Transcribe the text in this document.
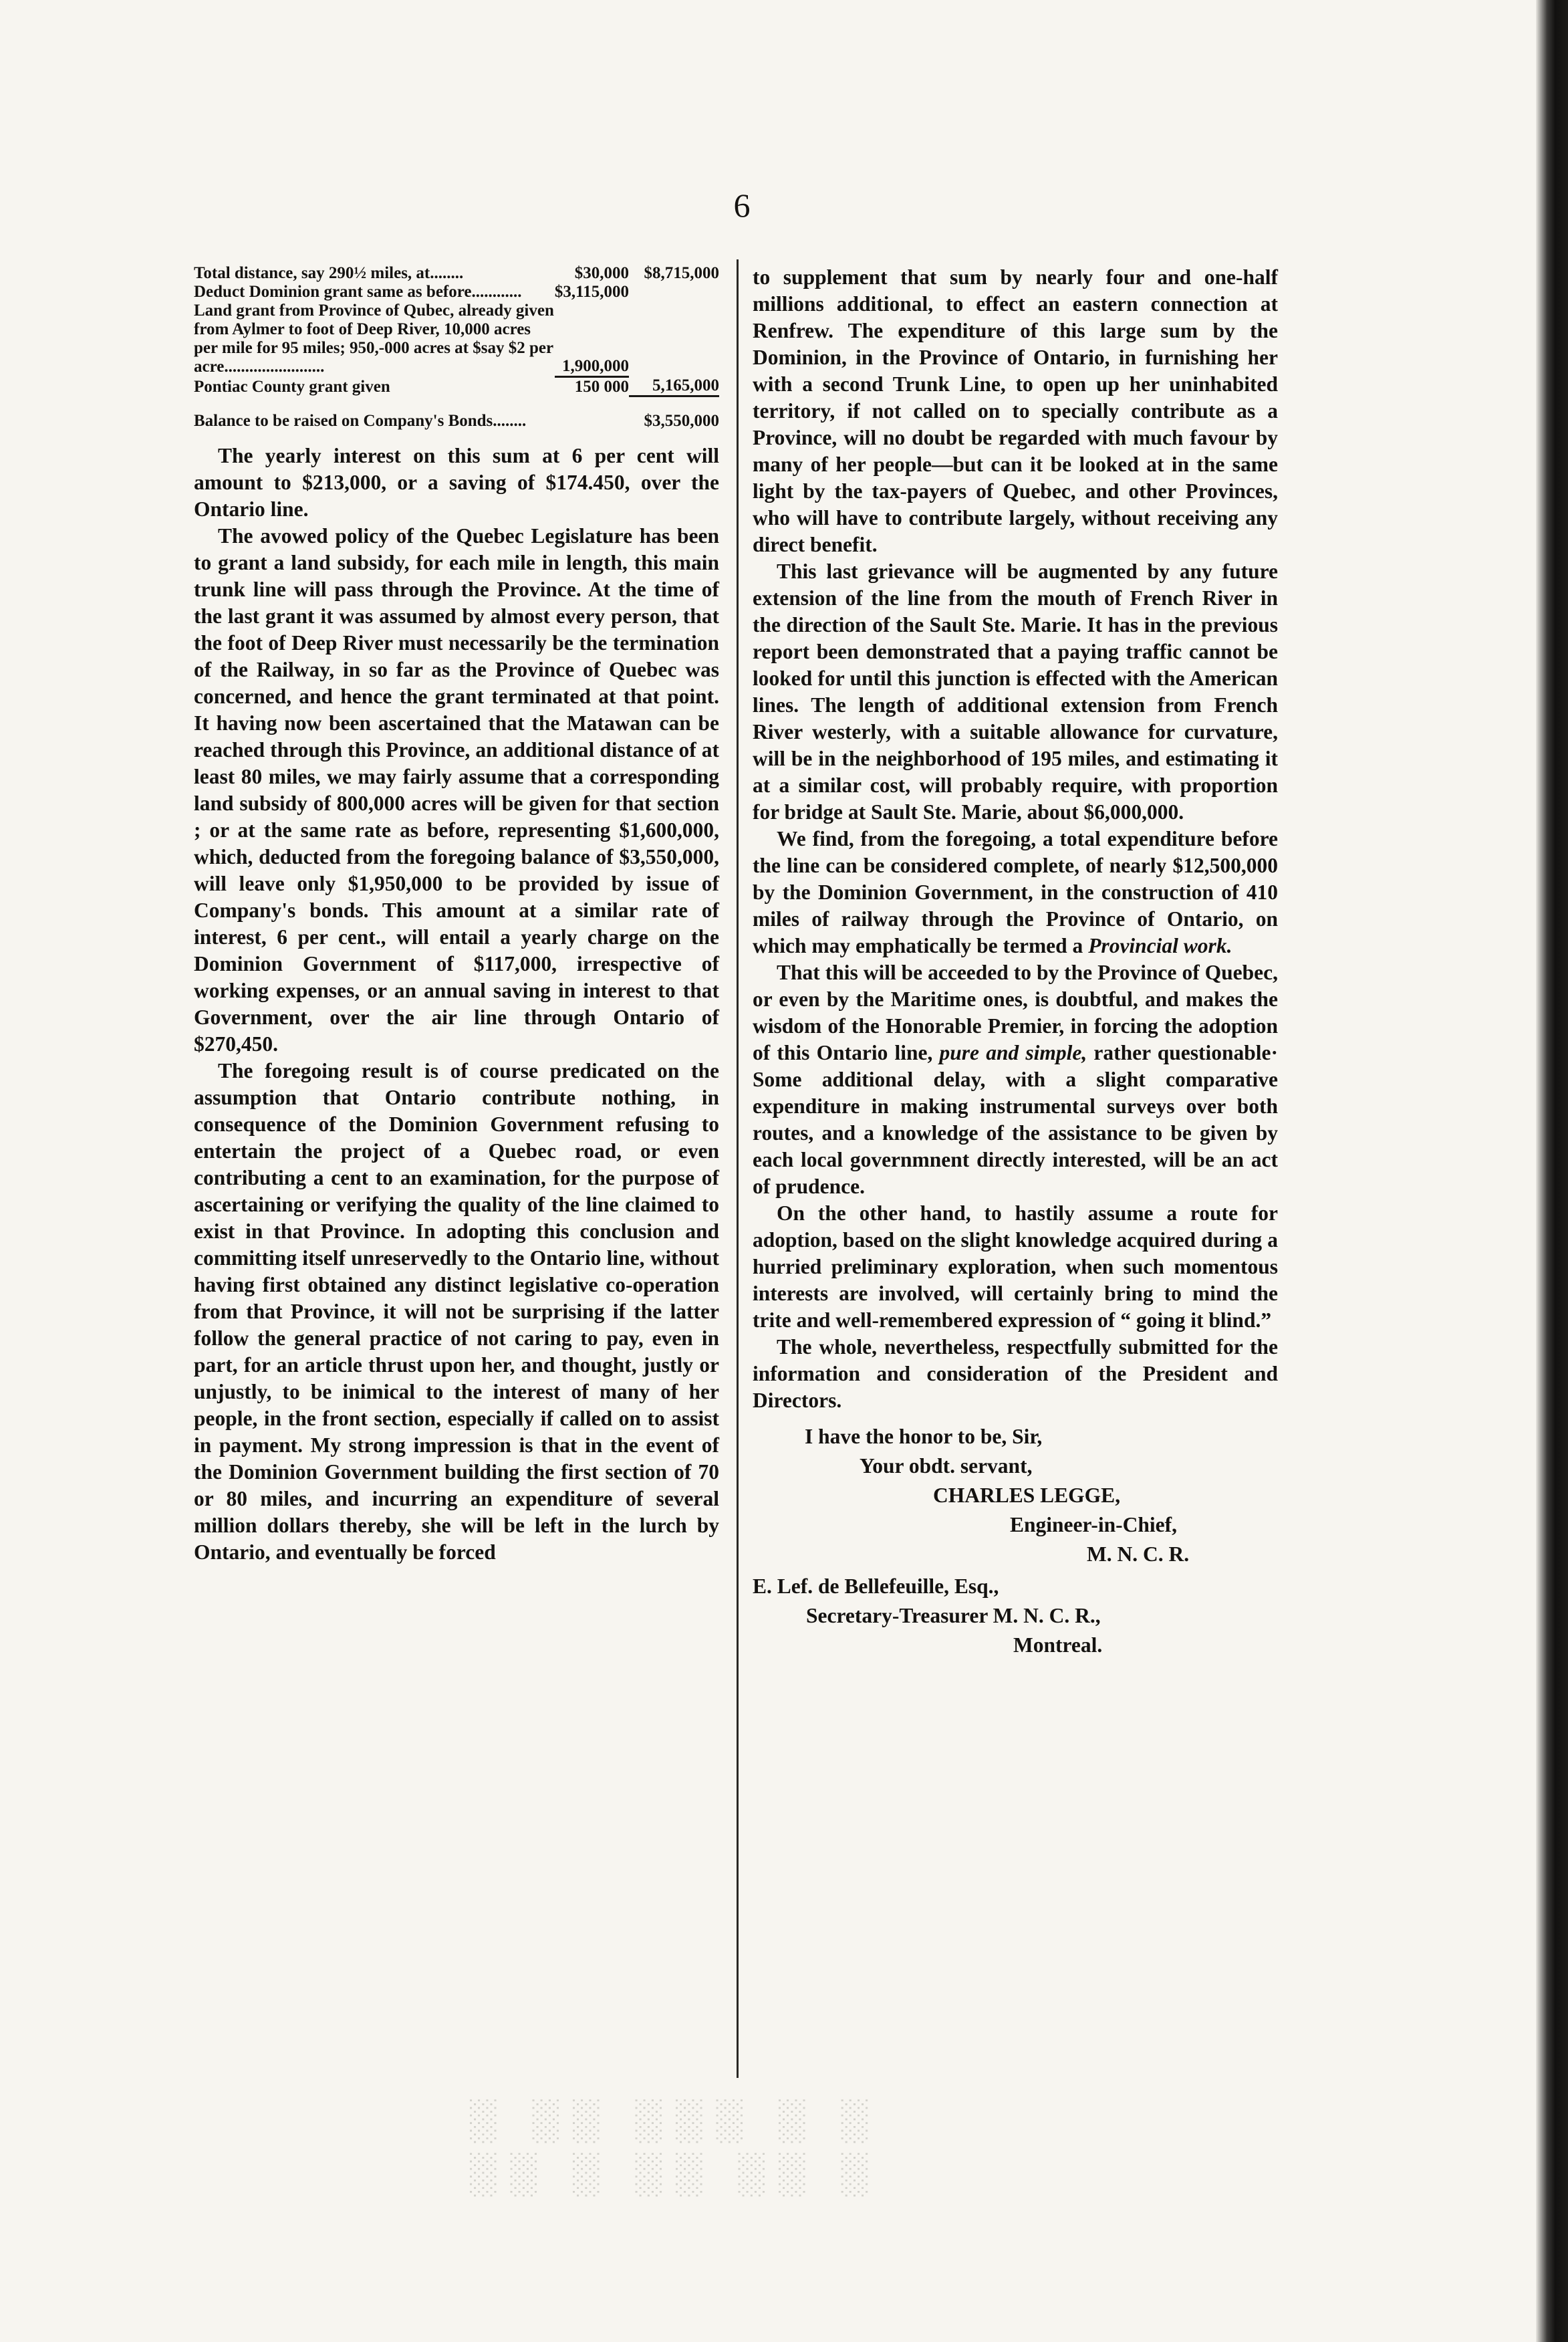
6
Total distance, say 290½ miles, at........	$30,000	$8,715,000
Deduct Dominion grant same as before............	$3,115,000	
Land grant from Province of Qubec, already given from Aylmer to foot of Deep River, 10,000 acres per mile for 95 miles; 950,-000 acres at $say $2 per acre........................	1,900,000	
Pontiac County grant given	150 000	5,165,000

Balance to be raised on Company's Bonds........		$3,550,000

The yearly interest on this sum at 6 per cent will amount to $213,000, or a saving of $174.450, over the Ontario line.

The avowed policy of the Quebec Legislature has been to grant a land subsidy, for each mile in length, this main trunk line will pass through the Province. At the time of the last grant it was assumed by almost every person, that the foot of Deep River must necessarily be the termination of the Railway, in so far as the Province of Quebec was concerned, and hence the grant terminated at that point. It having now been ascertained that the Matawan can be reached through this Province, an additional distance of at least 80 miles, we may fairly assume that a corresponding land subsidy of 800,000 acres will be given for that section ; or at the same rate as before, representing $1,600,000, which, deducted from the foregoing balance of $3,550,000, will leave only $1,950,000 to be provided by issue of Company's bonds. This amount at a similar rate of interest, 6 per cent., will entail a yearly charge on the Dominion Government of $117,000, irrespective of working expenses, or an annual saving in interest to that Government, over the air line through Ontario of $270,450.

The foregoing result is of course predicated on the assumption that Ontario contribute nothing, in consequence of the Dominion Government refusing to entertain the project of a Quebec road, or even contributing a cent to an examination, for the purpose of ascertaining or verifying the quality of the line claimed to exist in that Province. In adopting this conclusion and committing itself unreservedly to the Ontario line, without having first obtained any distinct legislative co-operation from that Province, it will not be surprising if the latter follow the general practice of not caring to pay, even in part, for an article thrust upon her, and thought, justly or unjustly, to be inimical to the interest of many of her people, in the front section, especially if called on to assist in payment. My strong impression is that in the event of the Dominion Government building the first section of 70 or 80 miles, and incurring an expenditure of several million dollars thereby, she will be left in the lurch by Ontario, and eventually be forced

to supplement that sum by nearly four and one-half millions additional, to effect an eastern connection at Renfrew. The expenditure of this large sum by the Dominion, in the Province of Ontario, in furnishing her with a second Trunk Line, to open up her uninhabited territory, if not called on to specially contribute as a Province, will no doubt be regarded with much favour by many of her people—but can it be looked at in the same light by the tax-payers of Quebec, and other Provinces, who will have to contribute largely, without receiving any direct benefit.

This last grievance will be augmented by any future extension of the line from the mouth of French River in the direction of the Sault Ste. Marie. It has in the previous report been demonstrated that a paying traffic cannot be looked for until this junction is effected with the American lines. The length of additional extension from French River westerly, with a suitable allowance for curvature, will be in the neighborhood of 195 miles, and estimating it at a similar cost, will probably require, with proportion for bridge at Sault Ste. Marie, about $6,000,000.

We find, from the foregoing, a total expenditure before the line can be considered complete, of nearly $12,500,000 by the Dominion Government, in the construction of 410 miles of railway through the Province of Ontario, on which may emphatically be termed a Provincial work.

That this will be acceeded to by the Province of Quebec, or even by the Maritime ones, is doubtful, and makes the wisdom of the Honorable Premier, in forcing the adoption of this Ontario line, pure and simple, rather questionable· Some additional delay, with a slight comparative expenditure in making instrumental surveys over both routes, and a knowledge of the assistance to be given by each local governmnent directly interested, will be an act of prudence.

On the other hand, to hastily assume a route for adoption, based on the slight knowledge acquired during a hurried preliminary exploration, when such momentous interests are involved, will certainly bring to mind the trite and well-remembered expression of “ going it blind.”

The whole, nevertheless, respectfully submitted for the information and consideration of the President and Directors.

I have the honor to be, Sir,
Your obdt. servant,
CHARLES LEGGE,
Engineer-in-Chief,
M. N. C. R.
E. Lef. de Bellefeuille, Esq.,
Secretary-Treasurer M. N. C. R.,
Montreal.
░ ░░ ░░░ ░ ░
░░ ░ ░░ ░░ ░
